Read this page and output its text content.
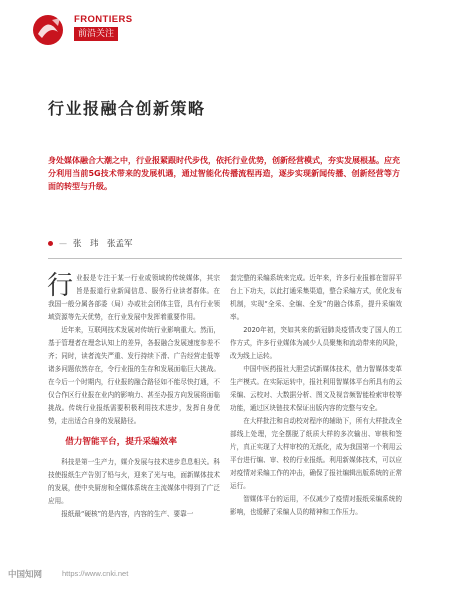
FRONTIERS
前沿关注
行业报融合创新策略

身处媒体融合大潮之中，行业报紧跟时代步伐，依托行业优势，创新经营模式，夯实发展根基。应充分利用当前5G技术带来的发展机遇，通过智能化传播流程再造，逐步实现新闻传播、创新经营等方面的转型与升级。

— 张　玮　张孟军

行业报是专注于某一行业或领域的传统媒体，其宗旨是报道行业新闻信息、服务行业读者群体。在我国一般分属各部委（局）办或社会团体主管，具有行业领域资源等先天优势，在行业发展中发挥着重要作用。

近年来，互联网技术发展对传统行业影响重大。然而，基于管理者在理念认知上的差异，各报融合发展速度参差不齐；同时，读者流失严重、发行持续下滑、广告经营走低等诸多问题依然存在，令行业报的生存和发展面临巨大挑战。在今后一个时期内，行业报的融合路径如不能尽快打通，不仅合作区行业报在业内的影响力、甚至办报方向发展将面临挑战。传统行业报纸需要积极利用技术进步，发挥自身优势，走出适合自身的发展路径。

借力智能平台，提升采编效率

科技是第一生产力，媒介发展与技术进步息息相关。科技使报纸生产告别了铅与火，迎来了光与电，面新媒体技术的发展，使中央厨房和全媒体系统在主流媒体中得到了广泛应用。

报纸最“硬核”的是内容，内容的生产、要靠一

套完整的采编系统来完成。近年来，许多行业报都在智屏平台上下功夫，以此打通采集渠道，整合采编方式，优化发布机制，实现“全采、全编、全发”的融合体系，提升采编效率。

2020年初，突如其来的新冠肺炎疫情改变了国人的工作方式，许多行业媒体为减少人员聚集和流动带来的风险，改为线上运转。

中国中医药报社大胆尝试新媒体技术，借力智媒体变革生产模式。在实际运转中，报社利用智媒体平台所具有的云采编、云校对、大数据分析、图文及视音频智能检索审校等功能，通过区块链技术保证出版内容的完整与安全。

在大样批注和自动校对程序的辅助下，所有大样批改全部线上处理，完全摆脱了纸质大样的多次输出、审核和签片，真正实现了大样审校的无纸化，成为我国第一个利用云平台进行编、审、校的行业报纸。利用新媒体技术，可以应对疫情对采编工作的冲击，确保了报社编辑出版系统的正常运行。

智媒体平台的运用，不仅减少了疫情对报纸采编系统的影响，也缓解了采编人员的精神和工作压力。

中国知网	https://www.cnki.net
